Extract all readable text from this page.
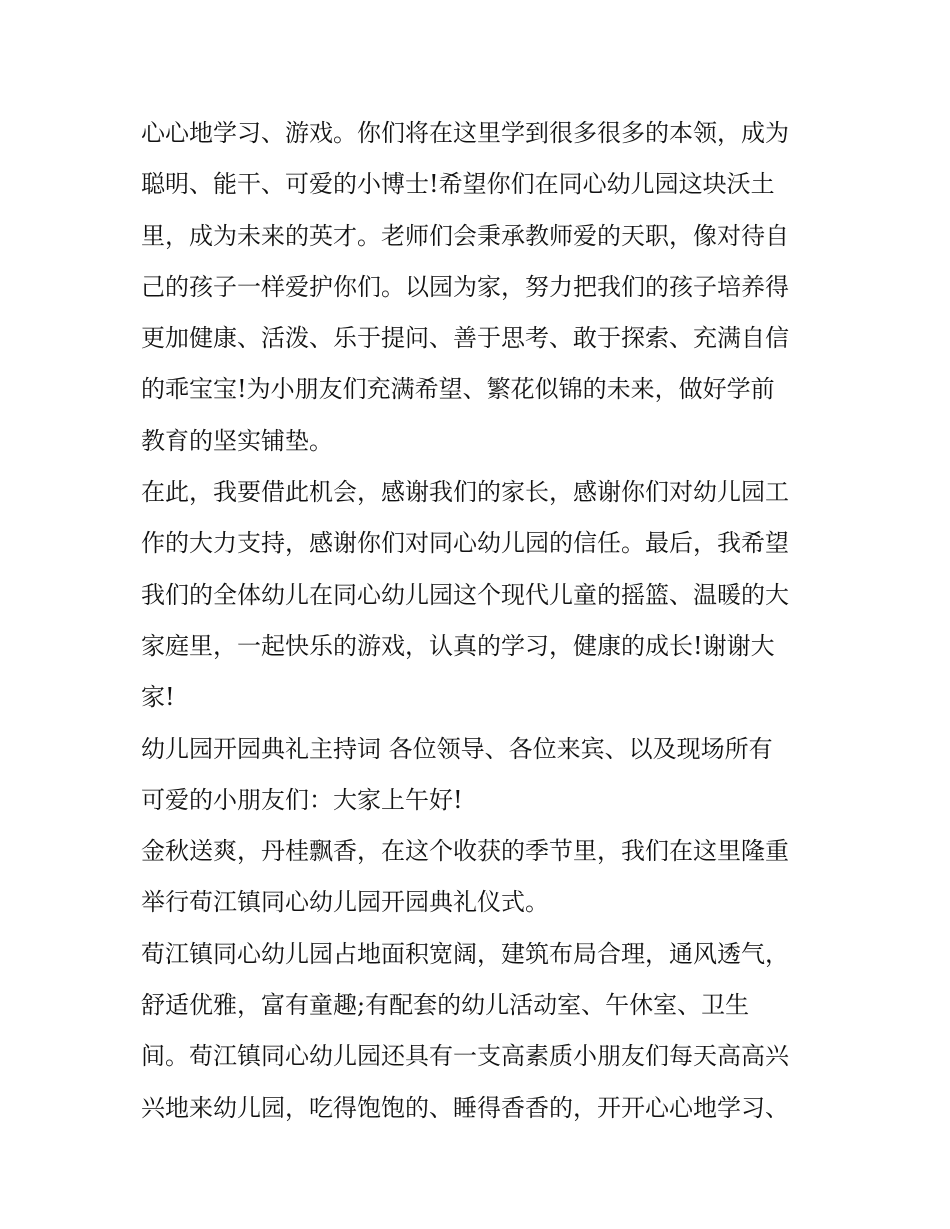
心心地学习、游戏。你们将在这里学到很多很多的本领，成为
聪明、能干、可爱的小博士!希望你们在同心幼儿园这块沃土
里，成为未来的英才。老师们会秉承教师爱的天职，像对待自
己的孩子一样爱护你们。以园为家，努力把我们的孩子培养得
更加健康、活泼、乐于提问、善于思考、敢于探索、充满自信
的乖宝宝!为小朋友们充满希望、繁花似锦的未来，做好学前
教育的坚实铺垫。
在此，我要借此机会，感谢我们的家长，感谢你们对幼儿园工
作的大力支持，感谢你们对同心幼儿园的信任。最后，我希望
我们的全体幼儿在同心幼儿园这个现代儿童的摇篮、温暖的大
家庭里，一起快乐的游戏，认真的学习，健康的成长!谢谢大
家!
幼儿园开园典礼主持词 各位领导、各位来宾、以及现场所有
可爱的小朋友们：大家上午好!
金秋送爽，丹桂飘香，在这个收获的季节里，我们在这里隆重
举行荀江镇同心幼儿园开园典礼仪式。
荀江镇同心幼儿园占地面积宽阔，建筑布局合理，通风透气，
舒适优雅，富有童趣;有配套的幼儿活动室、午休室、卫生
间。荀江镇同心幼儿园还具有一支高素质小朋友们每天高高兴
兴地来幼儿园，吃得饱饱的、睡得香香的，开开心心地学习、
